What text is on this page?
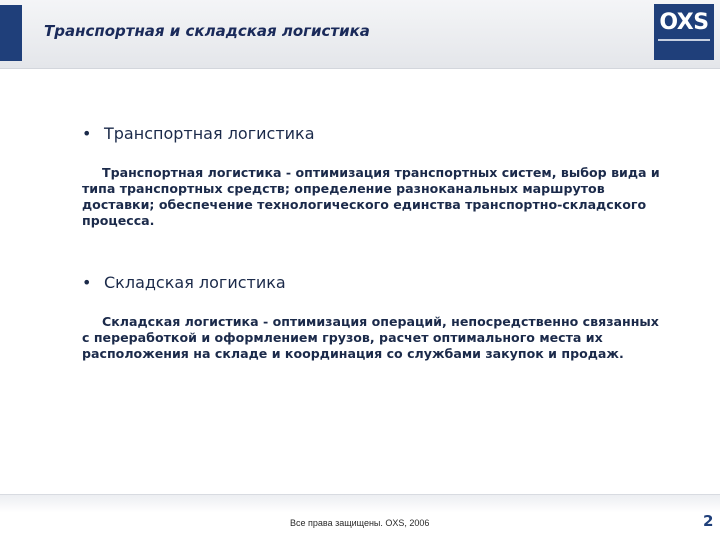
Транспортная и складская логистика	OXS
• Транспортная логистика

Транспортная логистика - оптимизация транспортных систем, выбор вида и типа транспортных средств; определение разноканальных маршрутов доставки; обеспечение технологического единства транспортно-складского процесса.

• Складская логистика

Складская логистика - оптимизация операций, непосредственно связанных с переработкой и оформлением грузов, расчет оптимального места их расположения на складе и координация со службами закупок и продаж.

Все права защищены. OXS, 2006	2
